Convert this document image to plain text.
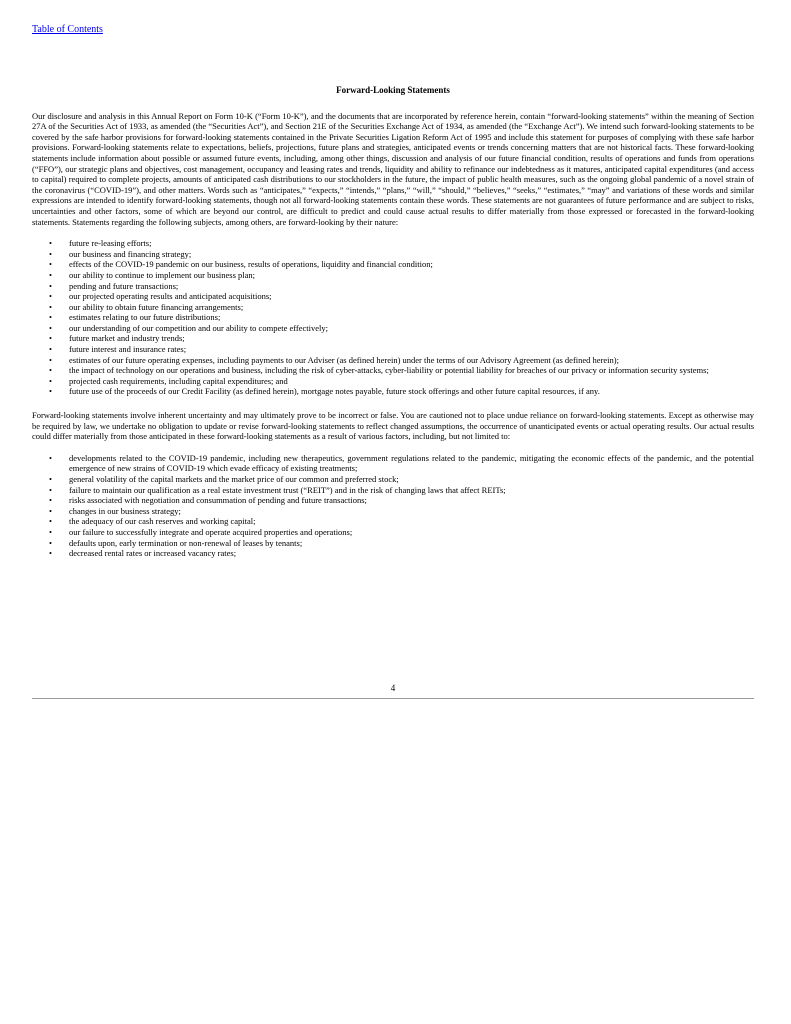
Table of Contents
Forward-Looking Statements

Our disclosure and analysis in this Annual Report on Form 10-K (“Form 10-K”), and the documents that are incorporated by reference herein, contain “forward-looking statements” within the meaning of Section 27A of the Securities Act of 1933, as amended (the “Securities Act”), and Section 21E of the Securities Exchange Act of 1934, as amended (the “Exchange Act”). We intend such forward-looking statements to be covered by the safe harbor provisions for forward-looking statements contained in the Private Securities Ligation Reform Act of 1995 and include this statement for purposes of complying with these safe harbor provisions. Forward-looking statements relate to expectations, beliefs, projections, future plans and strategies, anticipated events or trends concerning matters that are not historical facts. These forward-looking statements include information about possible or assumed future events, including, among other things, discussion and analysis of our future financial condition, results of operations and funds from operations (“FFO”), our strategic plans and objectives, cost management, occupancy and leasing rates and trends, liquidity and ability to refinance our indebtedness as it matures, anticipated capital expenditures (and access to capital) required to complete projects, amounts of anticipated cash distributions to our stockholders in the future, the impact of public health measures, such as the ongoing global pandemic of a novel strain of the coronavirus (“COVID-19”), and other matters. Words such as “anticipates,” “expects,” “intends,” “plans,” “will,” “should,” “believes,” “seeks,” “estimates,” “may” and variations of these words and similar expressions are intended to identify forward-looking statements, though not all forward-looking statements contain these words. These statements are not guarantees of future performance and are subject to risks, uncertainties and other factors, some of which are beyond our control, are difficult to predict and could cause actual results to differ materially from those expressed or forecasted in the forward-looking statements. Statements regarding the following subjects, among others, are forward-looking by their nature:

• future re-leasing efforts;
• our business and financing strategy;
• effects of the COVID-19 pandemic on our business, results of operations, liquidity and financial condition;
• our ability to continue to implement our business plan;
• pending and future transactions;
• our projected operating results and anticipated acquisitions;
• our ability to obtain future financing arrangements;
• estimates relating to our future distributions;
• our understanding of our competition and our ability to compete effectively;
• future market and industry trends;
• future interest and insurance rates;
• estimates of our future operating expenses, including payments to our Adviser (as defined herein) under the terms of our Advisory Agreement (as defined herein);
• the impact of technology on our operations and business, including the risk of cyber-attacks, cyber-liability or potential liability for breaches of our privacy or information security systems;
• projected cash requirements, including capital expenditures; and
• future use of the proceeds of our Credit Facility (as defined herein), mortgage notes payable, future stock offerings and other future capital resources, if any.

Forward-looking statements involve inherent uncertainty and may ultimately prove to be incorrect or false. You are cautioned not to place undue reliance on forward-looking statements. Except as otherwise may be required by law, we undertake no obligation to update or revise forward-looking statements to reflect changed assumptions, the occurrence of unanticipated events or actual operating results. Our actual results could differ materially from those anticipated in these forward-looking statements as a result of various factors, including, but not limited to:

• developments related to the COVID-19 pandemic, including new therapeutics, government regulations related to the pandemic, mitigating the economic effects of the pandemic, and the potential emergence of new strains of COVID-19 which evade efficacy of existing treatments;
• general volatility of the capital markets and the market price of our common and preferred stock;
• failure to maintain our qualification as a real estate investment trust (“REIT”) and in the risk of changing laws that affect REITs;
• risks associated with negotiation and consummation of pending and future transactions;
• changes in our business strategy;
• the adequacy of our cash reserves and working capital;
• our failure to successfully integrate and operate acquired properties and operations;
• defaults upon, early termination or non-renewal of leases by tenants;
• decreased rental rates or increased vacancy rates;
4
